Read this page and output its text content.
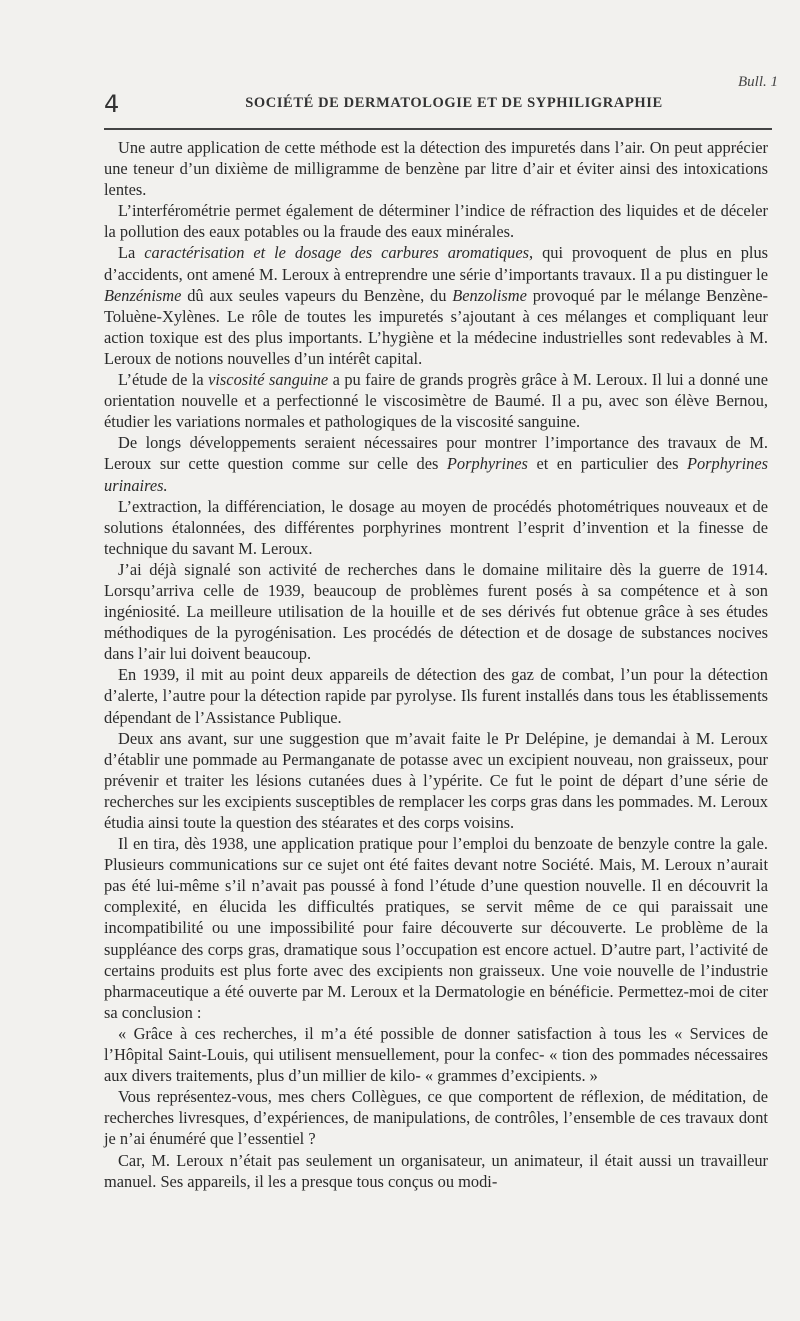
Bull. 1
4	SOCIÉTÉ DE DERMATOLOGIE ET DE SYPHILIGRAPHIE

Une autre application de cette méthode est la détection des impuretés dans l’air. On peut apprécier une teneur d’un dixième de milligramme de benzène par litre d’air et éviter ainsi des intoxications lentes.

L’interférométrie permet également de déterminer l’indice de réfraction des liquides et de déceler la pollution des eaux potables ou la fraude des eaux minérales.

La caractérisation et le dosage des carbures aromatiques, qui provoquent de plus en plus d’accidents, ont amené M. Leroux à entreprendre une série d’importants travaux. Il a pu distinguer le Benzénisme dû aux seules vapeurs du Benzène, du Benzolisme provoqué par le mélange Benzène-Toluène-Xylènes. Le rôle de toutes les impuretés s’ajoutant à ces mélanges et compliquant leur action toxique est des plus importants. L’hygiène et la médecine industrielles sont redevables à M. Leroux de notions nouvelles d’un intérêt capital.

L’étude de la viscosité sanguine a pu faire de grands progrès grâce à M. Leroux. Il lui a donné une orientation nouvelle et a perfectionné le viscosimètre de Baumé. Il a pu, avec son élève Bernou, étudier les variations normales et pathologiques de la viscosité sanguine.

De longs développements seraient nécessaires pour montrer l’importance des travaux de M. Leroux sur cette question comme sur celle des Porphyrines et en particulier des Porphyrines urinaires.

L’extraction, la différenciation, le dosage au moyen de procédés photométriques nouveaux et de solutions étalonnées, des différentes porphyrines montrent l’esprit d’invention et la finesse de technique du savant M. Leroux.

J’ai déjà signalé son activité de recherches dans le domaine militaire dès la guerre de 1914. Lorsqu’arriva celle de 1939, beaucoup de problèmes furent posés à sa compétence et à son ingéniosité. La meilleure utilisation de la houille et de ses dérivés fut obtenue grâce à ses études méthodiques de la pyrogénisation. Les procédés de détection et de dosage de substances nocives dans l’air lui doivent beaucoup.

En 1939, il mit au point deux appareils de détection des gaz de combat, l’un pour la détection d’alerte, l’autre pour la détection rapide par pyrolyse. Ils furent installés dans tous les établissements dépendant de l’Assistance Publique.

Deux ans avant, sur une suggestion que m’avait faite le Pr Delépine, je demandai à M. Leroux d’établir une pommade au Permanganate de potasse avec un excipient nouveau, non graisseux, pour prévenir et traiter les lésions cutanées dues à l’ypérite. Ce fut le point de départ d’une série de recherches sur les excipients susceptibles de remplacer les corps gras dans les pommades. M. Leroux étudia ainsi toute la question des stéarates et des corps voisins.

Il en tira, dès 1938, une application pratique pour l’emploi du benzoate de benzyle contre la gale. Plusieurs communications sur ce sujet ont été faites devant notre Société. Mais, M. Leroux n’aurait pas été lui-même s’il n’avait pas poussé à fond l’étude d’une question nouvelle. Il en découvrit la complexité, en élucida les difficultés pratiques, se servit même de ce qui paraissait une incompatibilité ou une impossibilité pour faire découverte sur découverte. Le problème de la suppléance des corps gras, dramatique sous l’occupation est encore actuel. D’autre part, l’activité de certains produits est plus forte avec des excipients non graisseux. Une voie nouvelle de l’industrie pharmaceutique a été ouverte par M. Leroux et la Dermatologie en bénéficie. Permettez-moi de citer sa conclusion :

« Grâce à ces recherches, il m’a été possible de donner satisfaction à tous les « Services de l’Hôpital Saint-Louis, qui utilisent mensuellement, pour la confec- « tion des pommades nécessaires aux divers traitements, plus d’un millier de kilo- « grammes d’excipients. »

Vous représentez-vous, mes chers Collègues, ce que comportent de réflexion, de méditation, de recherches livresques, d’expériences, de manipulations, de contrôles, l’ensemble de ces travaux dont je n’ai énuméré que l’essentiel ?

Car, M. Leroux n’était pas seulement un organisateur, un animateur, il était aussi un travailleur manuel. Ses appareils, il les a presque tous conçus ou modi-
